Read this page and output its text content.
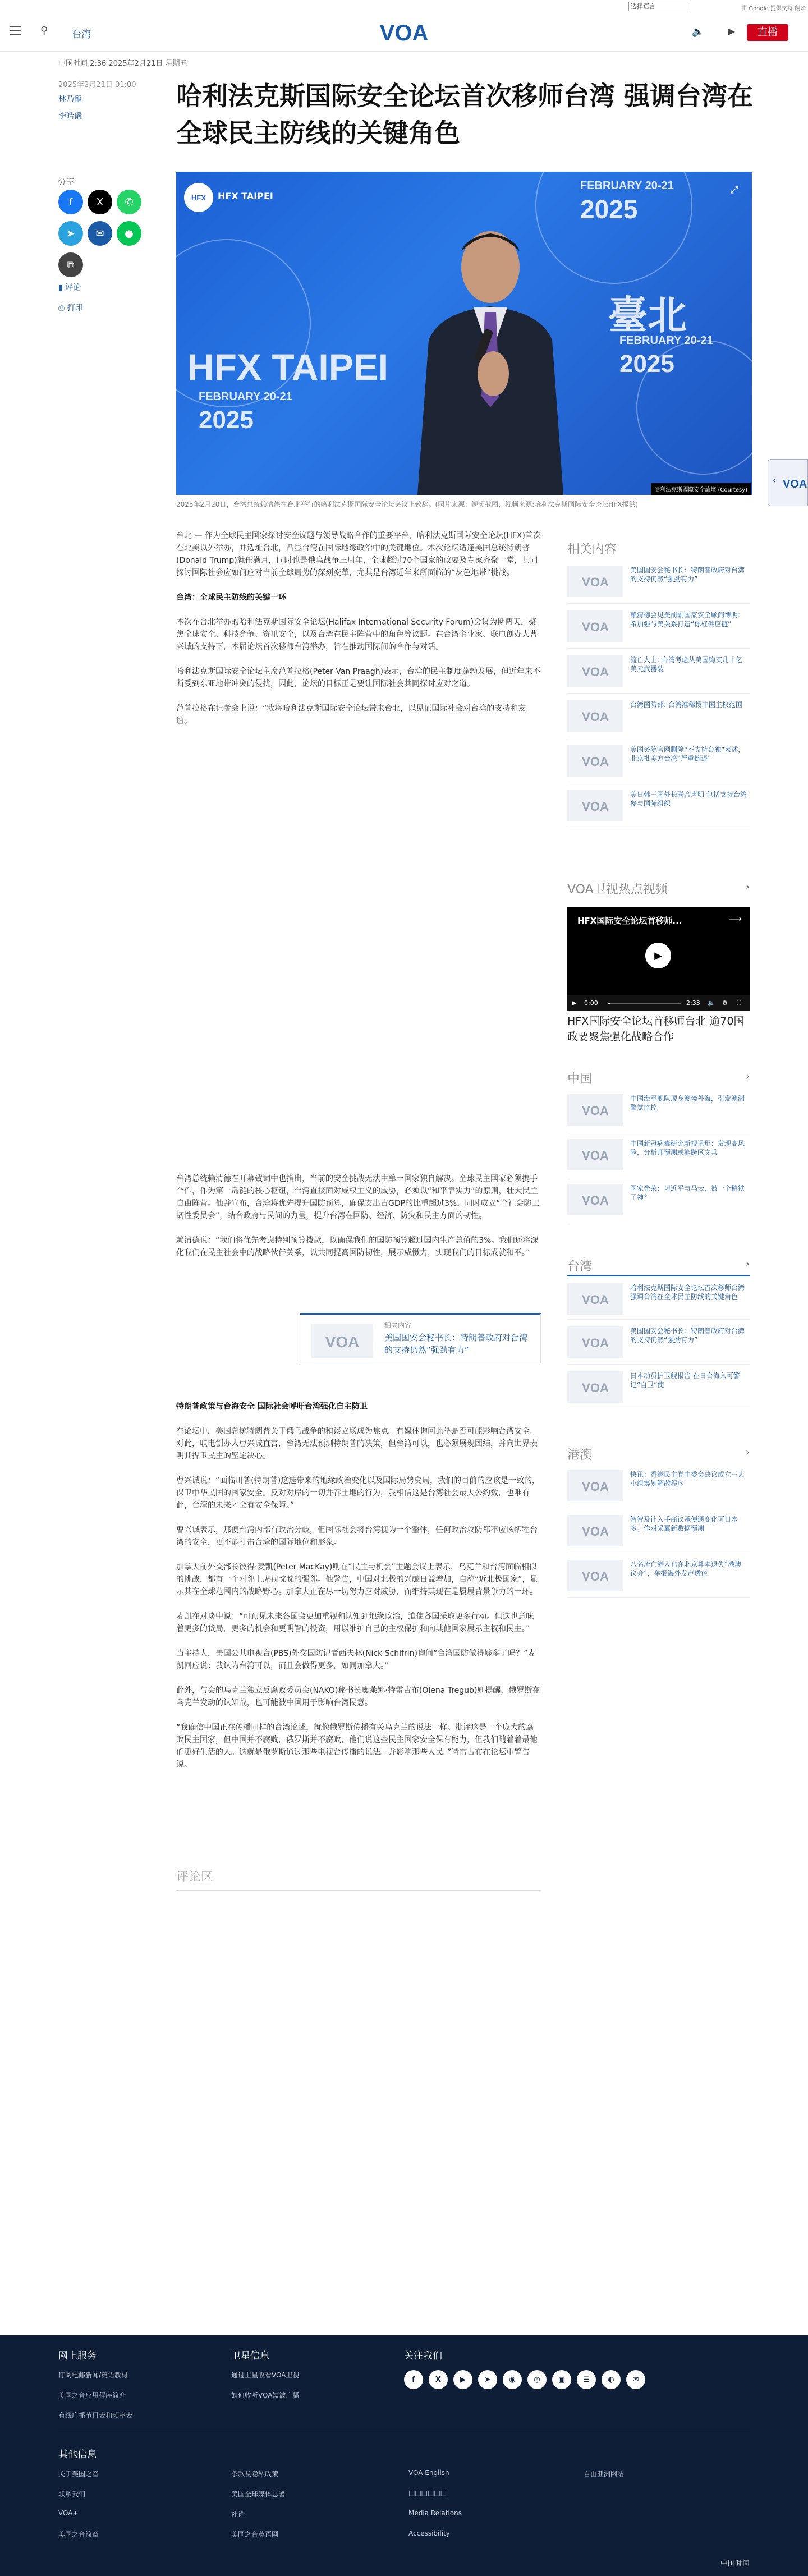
选择语言	由 Google 提供支持 翻译
⚲	台湾	VOA	🔈	▶	直播
中国时间 2:36 2025年2月21日 星期五
2025年2月21日 01:00
林乃龍
李皓儀
哈利法克斯国际安全论坛首次移师台湾 强调台湾在全球民主防线的关键角色
分享
f X ✆➤ ✉ ●⧉
▮ 评论
⎙ 打印
HFX TAIPEI
FEBRUARY 20-21
2025
FEBRUARY 20-21
2025
臺北
FEBRUARY 20-21
2025
HFX	HFX TAIPEI
⤢
哈利法克斯國際安全論壇 (Courtesy)
2025年2月20日，台湾总统赖清德在台北举行的哈利法克斯国际安全论坛会议上致辞。(照片来源：视频截图，视频来源:哈利法克斯国际安全论坛HFX提供)

台北 — 作为全球民主国家探讨安全议题与领导战略合作的重要平台，哈利法克斯国际安全论坛(HFX)首次在北美以外举办，并选址台北，凸显台湾在国际地缘政治中的关键地位。本次论坛适逢美国总统特朗普(Donald Trump)就任满月，同时也是俄乌战争三周年，全球超过70个国家的政要及专家齐聚一堂，共同探讨国际社会应如何应对当前全球局势的深刻变革，尤其是台湾近年来所面临的“灰色地带”挑战。

台湾：全球民主防线的关键一环

本次在台北举办的哈利法克斯国际安全论坛(Halifax International Security Forum)会议为期两天，聚焦全球安全、科技竞争、资讯安全，以及台湾在民主阵营中的角色等议题。在台湾企业家、联电创办人曹兴诚的支持下，本届论坛首次移师台湾举办，旨在推动国际间的合作与对话。

哈利法克斯国际安全论坛主席范普拉格(Peter Van Praagh)表示，台湾的民主制度蓬勃发展，但近年来不断受到东亚地带冲突的侵扰，因此，论坛的目标正是要让国际社会共同探讨应对之道。

范普拉格在记者会上说：“我将哈利法克斯国际安全论坛带来台北，以见证国际社会对台湾的支持和友谊。

台湾总统赖清德在开幕致词中也指出，当前的安全挑战无法由单一国家独自解决。全球民主国家必须携手合作，作为第一岛链的核心枢纽，台湾直接面对威权主义的威胁，必须以“和平靠实力”的原则，壮大民主自由阵营。他并宣布，台湾将优先提升国防预算，确保支出占GDP的比重超过3%，同时成立“全社会防卫韧性委员会”，结合政府与民间的力量，提升台湾在国防、经济、防灾和民主方面的韧性。

赖清德说：“我们将优先考虑特别预算拨款，以确保我们的国防预算超过国内生产总值的3%。我们还将深化我们在民主社会中的战略伙伴关系，以共同提高国防韧性，展示威慑力，实现我们的目标成就和平。”

VOA
相关内容
美国国安会秘书长：特朗普政府对台湾的支持仍然“强劲有力”
特朗普政策与台海安全 国际社会呼吁台湾强化自主防卫

在论坛中，美国总统特朗普关于俄乌战争的和谈立场成为焦点。有媒体询问此举是否可能影响台湾安全。对此，联电创办人曹兴诚直言，台湾无法预测特朗普的决策，但台湾可以，也必须展现团结，并向世界表明其捍卫民主的坚定决心。

曹兴诚说：“面临川普(特朗普)这选带来的地缘政治变化以及国际局势变局，我们的目前的应该是一致的，保卫中华民国的国家安全。反对对岸的一切并吞土地的行为，我相信这是台湾社会最大公约数，也唯有此，台湾的未来才会有安全保障。”

曹兴诚表示，那便台湾内部有政治分歧，但国际社会将台湾视为一个整体，任何政治攻防都不应该牺牲台湾的安全，更不能打击台湾的国际地位和形象。

加拿大前外交部长彼得·麦凯(Peter MacKay)则在“民主与机会”主题会议上表示，乌克兰和台湾面临相似的挑战，都有一个对邻土虎视眈眈的强邻。他警告，中国对北极的兴趣日益增加，自称“近北极国家”，显示其在全球范围内的战略野心。加拿大正在尽一切努力应对威胁，而维持其现在是履展背景争力的一环。

麦凯在对谈中说：“可预见未来各国会更加重视和认知到地缘政治，迫使各国采取更多行动。但这也意味着更多的货局，更多的机会和更明智的投资，用以维护自己的主权保护和向其他国家展示主权和民主。”

当主持人，美国公共电视台(PBS)外交国防记者西夫林(Nick Schifrin)询问“台湾国防做得够多了吗？”麦凯回应说：我认为台湾可以，而且会做得更多，如同加拿大。”

此外，与会的乌克兰独立反腐败委员会(NAKO)秘书长奥莱娜·特雷古布(Olena Tregub)则提醒，俄罗斯在乌克兰发动的认知战，也可能被中国用于影响台湾民意。

“我确信中国正在传播同样的台湾论述，就像俄罗斯传播有关乌克兰的说法一样。批评这是一个庞大的腐败民主国家，但中国并不腐败，俄罗斯并不腐败，他们说这些民主国家安全保有能力，但我们随着着最他们更好生活的人。这就是俄罗斯通过那些电视台传播的说法。并影响那些人民。”特雷古布在论坛中警告说。

评论区
相关内容
VOA
美国国安会秘书长：特朗普政府对台湾的支持仍然“强劲有力”
VOA
赖清德会见美前副国家安全顾问博明: 希加强与美关系打造“你杠供应链”
VOA
流亡人士: 台湾考虑从美国购买几十亿美元武器装
VOA
台湾国防部: 台湾准稀拨中国主权范围
VOA
美国务院官网删除“不支持台独”表述，北京批美方台湾“严重倒退”
VOA
美日韩三国外长联合声明 包括支持台湾参与国际组织
VOA卫视热点视频	›
HFX国际安全论坛首移师...	⟶
▶
▶ 0:00	2:33 🔈 ⚙ ⛶
HFX国际安全论坛首移师台北 逾70国政要聚焦强化战略合作
中国	›
VOA
中国海军舰队现身澳境外海，引发澳洲警觉监控
VOA
中国新冠病毒研究新视讯形：发现高风险，分析师预测或能跨区文兵
VOA
国家光荣：习近平与马云，被一个精铁了神？
台湾	›
VOA
哈利法克斯国际安全论坛首次移师台湾 强调台湾在全球民主防线的关键角色
VOA
美国国安会秘书长：特朗普政府对台湾的支持仍然“强劲有力”
VOA
日本动员护卫舰报告 在日台海入可警记“自卫”使
港澳	›
VOA
快讯：香港民主党中委会决议成立三人小组筹划解散程序
VOA
智智及让入手商议承便通变化可日本多。作对采翼新数据预测
VOA
八名流亡港人也在北京尊率退失“港澳议会”，举报海外发声透径
‹ VOA
网上服务
订阅电邮新闻/英语教材
美国之音应用程序简介
有线广播节目表和频率表
卫星信息
通过卫星收看VOA卫视
如何收听VOA短波广播
关注我们
其他信息
关于美国之音
联系我们
VOA+
美国之音简章
条款及隐私政策
美国全球媒体总署
社论
美国之音英语网
VOA English
□□□□□□
Media Relations
Accessibility
自由亚洲网站
中国时间
f	X	▶	➤	◉	◎	▣	☰	◐	✉
